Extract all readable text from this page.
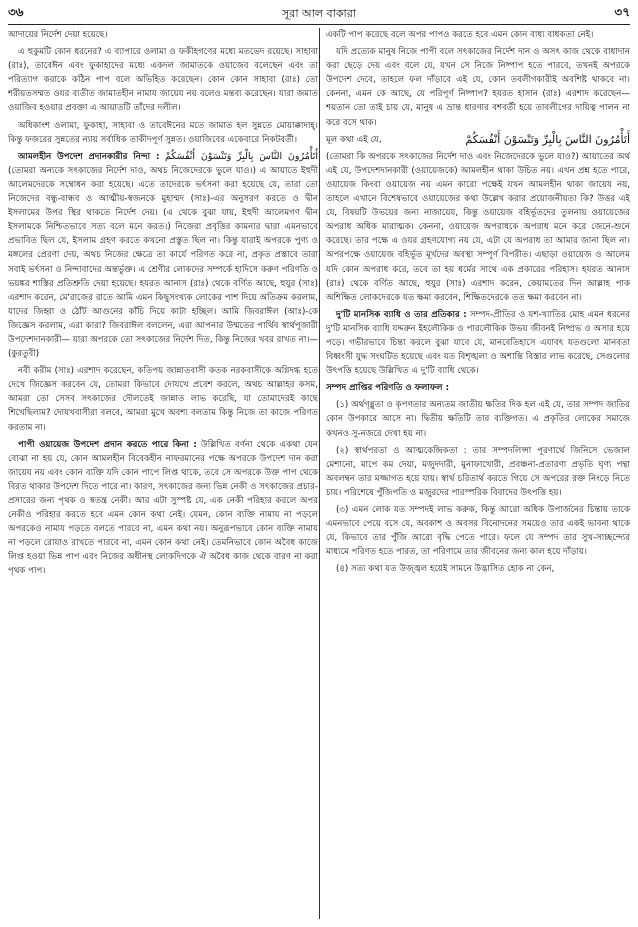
৩৬	সূরা আল বাকারা	৩৭

আদায়ের নির্দেশ দেয়া হয়েছে।

এ হুকুমটি কোন ধরনের? এ ব্যাপারে ওলামা ও ফকীহগণের মধ্যে মতভেদ রয়েছে। সাহাবা (রাঃ), তাবেঈন এবং ফুকাহাদের মধ্যে একদল জামাতকে ওয়াজেব বলেছেন এবং তা পরিত্যাগ করাকে কঠিন পাপ বলে অভিহিত করেছেন। কোন কোন সাহাবা (রাঃ) তো শরীয়তসম্মত ওযর ব্যতীত জামাতহীন নামায জায়েয নয় বলেও মন্তব্য করেছেন। যারা জমাত ওয়াজিব হওয়ার প্রবক্তা এ আয়াতটি তাঁদের দলীল।

অধিকাংশ ওলামা, ফুকাহা, সাহাবা ও তাবেঈনের মতে জামাত হল সুন্নতে মোয়াক্কাদাহ্‌। কিন্তু ফজরের সুন্নতের ন্যায় সর্বাধিক তাকীদপূর্ণ সুন্নত। ওয়াজিবের একেবারে নিকটবর্তী।

আমলহীন উপদেশ প্রদানকারীর নিন্দা :	أَتَأْمُرُونَ النَّاسَ بِالْبِرِّ وَتَنْسَوْنَ أَنْفُسَكُمْ (তোমরা অন্যকে সৎকাজের নির্দেশ দাও, অথচ নিজেদেরকে ভুলে যাও।) এ আয়াতে ইহুদী আলেমদেরকে সম্বোধন করা হয়েছে। এতে তাদেরকে ভর্ৎসনা করা হয়েছে যে, তারা তো নিজেদের বন্ধু-বান্ধব ও আত্মীয়-স্বজনকে মুহাম্মদ (সাঃ)-এর অনুসরণ করতে ও দ্বীন ইসলামের উপর স্থির থাকতে নির্দেশ দেয়। (এ থেকে বুঝা যায়, ইহুদী আলেমগণ দ্বীন ইসলামকে নিশ্চিতভাবে সত্য বলে মনে করত।) নিজেরা প্রবৃত্তির কামনার দ্বারা এমনভাবে প্রভাবিত ছিল যে, ইসলাম গ্রহণ করতে কখনো প্রস্তুত ছিল না। কিন্তু যারাই অপরকে পুণ্য ও মঙ্গলের প্রেরণা দেয়, অথচ নিজের ক্ষেত্রে তা কার্যে পরিণত করে না, প্রকৃত প্রস্তাবে তারা সবাই ভর্ৎসনা ও নিন্দাবাদের অন্তর্ভুক্ত। এ শ্রেণীর লোকদের সম্পর্কে হাদিসে করুণ পরিণতি ও ভয়ঙ্কর শাস্তির প্রতিশ্রুতি দেয়া হয়েছে। হযরত আনাস (রাঃ) থেকে বর্ণিত আছে, হুযুর (সাঃ) এরশাদ করেন, মে'রাজের রাতে আমি এমন কিছুসংখ্যক লোকের পাশ দিয়ে অতিক্রম করলাম, যাদের জিহ্বা ও ঠোঁট আগুনের কাঁচি দিয়ে কাটা হচ্ছিল। আমি জিবরাঈল (আঃ)-কে জিজ্ঞেস করলাম, এরা কারা? জিবরাঈল বললেন, এরা আপনার উম্মতের পার্থিব স্বার্থপূজারী উপদেশদানকারী— যারা অপরকে তো সৎকাজের নির্দেশ দিত, কিন্তু নিজের খবর রাখত না।— (কুরতুবী)

নবী করীম (সাঃ) এরশাদ করেছেন, কতিপয় জান্নাতবাসী কতক নরকবাসীকে অগ্নিদগ্ধ হতে দেখে জিজ্ঞেস করবেন যে, তোমরা কিভাবে দোযখে প্রবেশ করলে, অথচ আল্লাহর কসম, আমরা তো সেসব সৎকাজের দৌলতেই জান্নাত লাভ করেছি, যা তোমাদেরই কাছে শিখেছিলাম? দোযখবাসীরা বলবে, আমরা মুখে অবশ্য বলতাম কিন্তু নিজে তা কাজে পরিণত করতাম না।

পাপী ওয়ায়েজ উপদেশ প্রদান করতে পারে কিনা : উল্লিখিত বর্ণনা থেকে একথা যেন বোঝা না হয় যে, কোন আমলহীন বিবেকহীন নাফরমানের পক্ষে অপরকে উপদেশ দান করা জায়েয নয় এবং কোন ব্যক্তি যদি কোন পাপে লিপ্ত থাকে, তবে সে অপরকে উক্ত পাপ থেকে বিরত থাকার উপদেশ দিতে পারে না। কারণ, সৎকাজের জন্য ভিন্ন নেকী ও সৎকাজের প্রচার-প্রসারের জন্য পৃথক ও স্বতন্ত্র নেকী। আর এটা সুস্পষ্ট যে, এক নেকী পরিহার করলে অপর নেকীও পরিহার করতে হবে এমন কোন কথা নেই। যেমন, কোন ব্যক্তি নামায না পড়লে অপরকেও নামায পড়তে বলতে পারবে না, এমন কথা নয়। অনুরূপভাবে কোন ব্যক্তি নামায না পড়লে রোযাও রাখতে পারবে না, এমন কোন কথা নেই। তেমনিভাবে কোন অবৈধ কাজে লিপ্ত হওয়া ভিন্ন পাপ এবং নিজের অধীনস্থ লোকদিগকে ঐ অবৈধ কাজ থেকে বারণ না করা পৃথক পাপ।

একটি পাপ করেছে বলে অপর পাপও করতে হবে এমন কোন বাধ্য বাধকতা নেই।

যদি প্রত্যেক মানুষ নিজে পাপী বলে সৎকাজের নির্দেশ দান ও অসৎ কাজ থেকে বাধাদান করা ছেড়ে দেয় এবং বলে যে, যখন সে নিজে নিষ্পাপ হতে পারবে, তখনই অপরকে উপদেশ দেবে, তাহলে ফল দাঁড়াবে এই যে, কোন তবলীগকারীই অবশিষ্ট থাকবে না। কেননা, এমন কে আছে, যে পরিপূর্ণ নিষ্পাপ? হযরত হাসান (রাঃ) এরশাদ করেছেন— শয়তান তো তাই চায় যে, মানুষ এ ভ্রান্ত ধারণার বশবর্তী হয়ে তাবলীগের দায়িত্ব পালন না করে বসে থাক।

মূল কথা এই যে,	أَتَأْمُرُونَ النَّاسَ بِالْبِرِّ وَتَنْسَوْنَ أَنْفُسَكُمْ

(তোমরা কি অপরকে সৎকাজের নির্দেশ দাও এবং নিজেদেরকে ভুলে যাও?) আয়াতের অর্থ এই যে, উপদেশদানকারী (ওয়ায়েজকে) আমলহীন থাকা উচিত নয়। এখন প্রশ্ন হতে পারে, ওয়ায়েজ কিংবা ওয়ায়েজ নয় এমন কারো পক্ষেই যখন আমলহীন থাকা জায়েয নয়, তাহলে এখানে বিশেষভাবে ওয়ায়েজের কথা উল্লেখ করার প্রয়োজনীয়তা কি? উত্তর এই যে, বিষয়টি উভয়ের জন্য নাজায়েয, কিন্তু ওয়ায়েজ বহির্ভূতদের তুলনায় ওয়ায়েজের অপরাধ অধিক মারাত্মক। কেননা, ওয়ায়েজ অপরাধকে অপরাধ মনে করে জেনে-শুনে করেছে। তার পক্ষে এ ওযর গ্রহণযোগ্য নয় যে, এটা যে অপরাধ তা আমার জানা ছিল না। অপরপক্ষে ওয়ায়েজ বহির্ভূত মূর্খদের অবস্থা সম্পূর্ণ বিপরীত। এছাড়া ওয়ায়েজ ও আলেম যদি কোন অপরাধ করে, তবে তা হয় ধর্মের সাথে এক প্রকারের পরিহাস। হযরত আনাস (রাঃ) থেকে বর্ণিত আছে, হুযুর (সাঃ) এরশাদ করেন, কেয়ামতের দিন আল্লাহ পাক অশিক্ষিত লোকদেরকে যত ক্ষমা করবেন, শিক্ষিতদেরকে তত ক্ষমা করবেন না।

দু'টি মানসিক ব্যাধি ও তার প্রতিকার : সম্পদ-প্রীতির ও যশ-খ্যাতির মোহ এমন ধরনের দু'টি মানসিক ব্যাধি যদ্দরুন ইহলৌকিক ও পারলৌকিক উভয় জীবনই নিষ্প্রভ ও অসার হয়ে পড়ে। গভীরভাবে চিন্তা করলে বুঝা যাবে যে, মানবেতিহাসে এযাবৎ যতগুলো মানবতা বিধ্বংসী যুদ্ধ সংঘটিত হয়েছে এবং যত বিশৃঙ্খলা ও অশান্তি বিস্তার লাভ করেছে, সেগুলোর উৎপত্তি হয়েছে উল্লিখিত এ দু'টি ব্যাধি থেকে।

সম্পদ প্রাপ্তির পরিণতি ও ফলাফল :

(১) অর্থগৃধ্নুতা ও কৃপণতার অন্যতম জাতীয় ক্ষতির দিক হল এই যে, তার সম্পদ জাতির কোন উপকারে আসে না। দ্বিতীয় ক্ষতিটি তার ব্যক্তিগত। এ প্রকৃতির লোকের সমাজে কখনও সু-নজরে দেখা হয় না।

(২) স্বার্থপরতা ও আত্মকেন্দ্রিকতা : তার সম্পদলিপ্সা পূরণার্থে জিনিসে ভেজাল মেশানো, মাপে কম দেয়া, মজুদদারী, মুনাফাখোরী, প্রবঞ্চনা-প্রতারণা প্রভৃতি ঘৃণ্য পন্থা অবলম্বন তার মজ্জাগত হয়ে যায়। স্বার্থ চরিতার্থ করতে গিয়ে সে অপরের রক্ত নিংড়ে নিতে চায়। পরিশেষে পুঁজিপতি ও মজুরদের পারস্পরিক বিবাদের উৎপত্তি হয়।

(৩) এমন লোক যত সম্পদই লাভ করুক, কিন্তু আরো অধিক উপার্জনের চিন্তায় তাকে এমনভাবে পেয়ে বসে যে, অবকাশ ও অবসর বিনোদনের সময়েও তার একই ভাবনা থাকে যে, কিভাবে তার পুঁজি আরো বৃদ্ধি পেতে পারে। ফলে যে সম্পদ তার সুখ-সাচ্ছন্দ্যের মাধ্যমে পরিণত হতে পারত, তা পরিণামে তার জীবনের জন্য কাল হয়ে দাঁড়ায়।

(৪) সত্য কথা যত উজ্জ্বল হয়েই সামনে উদ্ভাসিত হোক না কেন,
